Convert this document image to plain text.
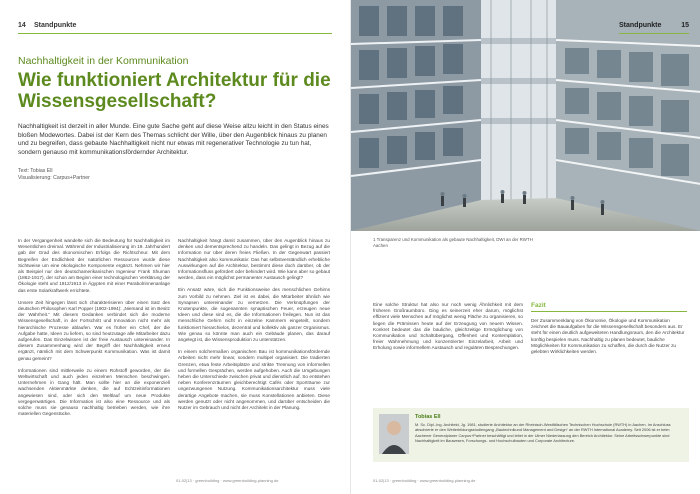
14 Standpunkte
Nachhaltigkeit in der Kommunikation
Wie funktioniert Architektur für die Wissensgesellschaft?

Nachhaltigkeit ist derzeit in aller Munde. Eine gute Sache geht auf diese Weise allzu leicht in den Status eines bloßen Modewortes. Dabei ist der Kern des Themas schlicht der Wille, über den Augenblick hinaus zu planen und zu begreifen, dass gebaute Nachhaltigkeit nicht nur etwas mit regenerativer Technologie zu tun hat, sondern genauso mit kommunikationsfördernder Architektur.

Text: Tobias Ell
Visualisierung: Carpus+Partner

In der Vergangenheit wandelte sich die Bedeutung für Nachhaltigkeit im Wesentlichen dreimal. Während der Industrialisierung im 19. Jahrhundert gab der Grad des ökonomischen Erfolgs die Richtschnur. Mit dem Begreifen der Endlichkeit der natürlichen Ressourcen wurde diese Sichtweise um eine ökologische Komponente ergänzt. Nehmen wir hier als Beispiel nur den deutschamerikanischen Ingenieur Frank Shuman (1862-1917), der schon am Beginn einer technologischen Verklärung der Ökologie steht und 1912/1913 in Ägypten mit einer Parabolrinnenanlage das erste Solarkraftwerk errichtete.

Unsere Zeit hingegen lässt sich charakterisieren über einen Satz des deutschen Philosophen Karl Popper (1902-1994): „Niemand ist im Besitz der Wahrheit.“ Mit diesem Gedanken verbindet sich die moderne Wissensgesellschaft, in der Fortschritt und Innovation nicht mehr als hierarchische Prozesse ablaufen. War es früher ein Chef, der die Aufgabe hatte, Ideen zu liefern, so sind heutzutage alle Mitarbeiter dazu aufgerufen. Das Einzelwissen ist der freie Austausch untereinander. In diesem Zusammenhang wird der Begriff der Nachhaltigkeit erneut ergänzt, nämlich mit dem Schwerpunkt Kommunikation. Was ist damit genau gemeint?

Informationen sind mittlerweile zu einem Rohstoff geworden, der die Weltwirtschaft und auch jeden einzelnen Menschen beschwingen. Unternehmen in Gang hält. Man sollte hier an die exponenziell wachsenden Aktienmärkte denken, die auf Echtzeitinformationen angewiesen sind, oder sich den Weltlauf um neue Produkte vergegenwärtigen. Die Information ist also eine Ressource und als solche muss sie genauso nachhaltig betrieben werden, wie ihre materiellen Gegenstücke.

Nachhaltigkeit hängt damit zusammen, über den Augenblick hinaus zu denken und dementsprechend zu handeln. Das gelingt in Bezug auf die Information nur über deren freies Fließen. In der Gegenwart passiert Nachhaltigkeit also kommunikativ: Das hat selbstverständlich erhebliche Auswirkungen auf die Architektur, bestimmt diese doch darüber, ob der Informationsfluss gefördert oder behindert wird. Wie kann aber so gebaut werden, dass ein möglichst permanenter Austausch gelingt?

Ein Ansatz wäre, sich die Funktionsweise des menschlichen Gehirns zum Vorbild zu nehmen. Ziel ist es dabei, die Mitarbeiter ähnlich wie Synapsen untereinander zu vernetzen. Die Verknüpfungen der Knotenpunkte, die sogenannten synaptischen Feuer, erzeugen neue Ideen und diese sind es, die die Informationen freilegen. Nun ist das menschliche Gehirn nicht in einzelne Kammern eingeteilt, sondern funktioniert hierarchielos, dezentral und kollektiv als ganzer Organismus. Wie genau so könnte man auch ein Gebäude planen, das darauf angelegt ist, die Wissensproduktion zu unterstützen.

In einem solchermaßen organischen Bau ist kommunikationsfördernde Arbeiten nicht mehr linear, sondern multipel organisiert. Die tradierten Grenzen, etwa feste Arbeitsplätze und strikte Trennung von informellen und formellen Gesprächen, werden aufgehoben. Auch die Umgebungen heben die Unterschiede zwischen privat und dienstlich auf. So entstehen neben Konferenzräumen gleichberechtigt Cafés oder Sporträume zur ungezwungenen Nutzung. Kommunikationsarchitektur muss viele derartige Angebote machen, sie muss Konstellationen anbieten. Diese werden genutzt oder nicht angenommen, und darüber entscheiden die Nutzer im Gebrauch und nicht der Architekt in der Planung.

01-02|13 · greenbuilding · www.greenbuilding-planning.de
Standpunkte	15
1 Transparenz und Kommunikation als gebaute Nachhaltigkeit, DWI an der RWTH Aachen

Eine solche Struktur hat also nur noch wenig Ähnlichkeit mit dem früheren Großraumbüro. Ging es seinerzeit eher darum, möglichst effizient viele Menschen auf möglichst wenig Fläche zu organisieren, so liegen die Prämissen heute auf der Erzeugung von neuem Wissen. Konkret bedeutet das die bauliche, gleichzeitige Ermöglichung von Kommunikation und Schaltübergang, Offenheit und Kontemplation, freier Wahrnehmung und konzentrierter Einzelarbeit, Arbeit und Erholung sowie informellem Austausch und regulären Besprechungen.

Fazit

Der Zusammenklang von Ökonomie, Ökologie und Kommunikation zeichnet die Bauaufgaben für die Wissensgesellschaft besonders aus. Er steht für einen deutlich aufgeweiteten Handlungsraum, den die Architektur künftig bespielen muss. Nachhaltig zu planen bedeutet, bauliche Möglichkeiten für Kommunikation zu schaffen, die durch die Nutzer zu gelebten Wirklichkeiten werden.

Tobias Ell

M. Sc. Dipl.-Ing. Architekt, Jg. 1981, studierte Architektur an der Rheinisch-Westfälischen Technischen Hochschule (RWTH) in Aachen. Im Anschluss absolvierte er den Weiterbildungsstudiengang „Bautechnikund Management and Design“ an der RWTH International Academy. Seit 2006 ist er beim Aachener Generalplaner Carpus+Partner beschäftigt und leitet in der Ulmer Niederlassung den Bereich Architektur. Seine Arbeitsschwerpunkte sind Nachhaltigkeit im Bauwesen, Forschungs- und Hochschulbauten und Corporate Architecture.

01-02|13 · greenbuilding · www.greenbuilding-planning.de
